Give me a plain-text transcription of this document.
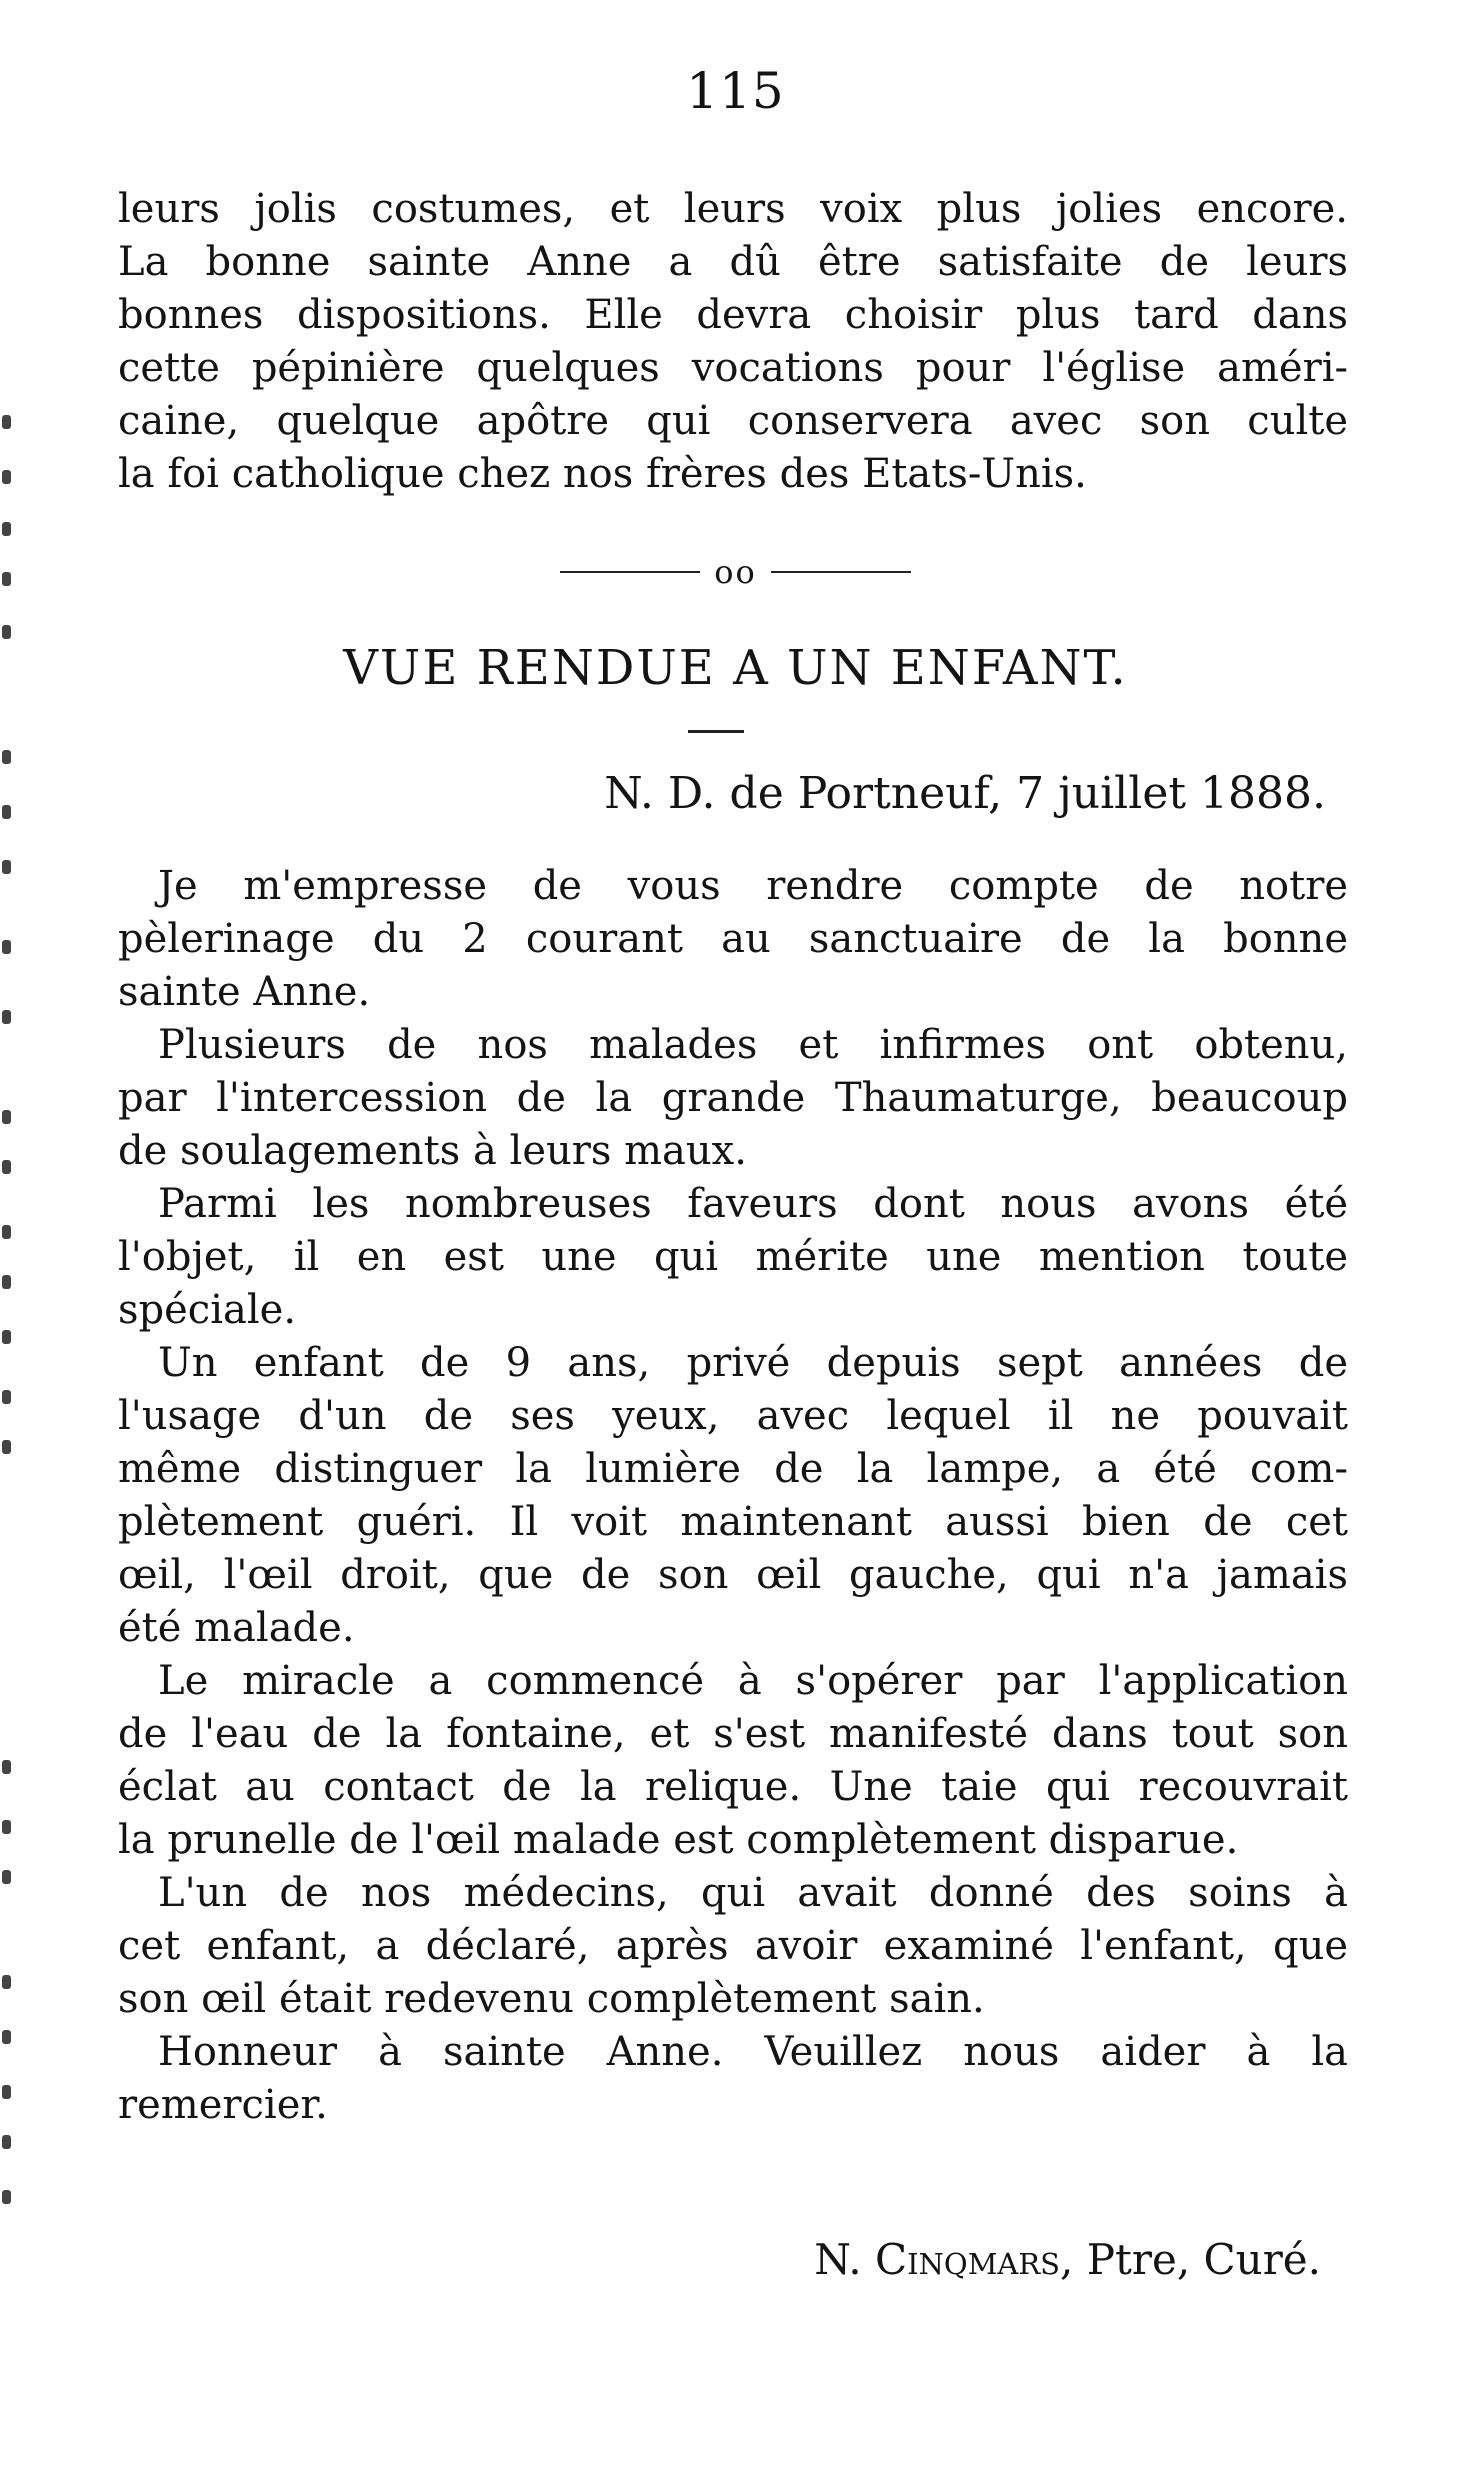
115
leurs jolis costumes, et leurs voix plus jolies encore.
La bonne sainte Anne a dû être satisfaite de leurs
bonnes dispositions. Elle devra choisir plus tard dans
cette pépinière quelques vocations pour l'église améri-
caine, quelque apôtre qui conservera avec son culte
la foi catholique chez nos frères des Etats-Unis.
oo
VUE RENDUE A UN ENFANT.
N. D. de Portneuf, 7 juillet 1888.
Je m'empresse de vous rendre compte de notre
pèlerinage du 2 courant au sanctuaire de la bonne
sainte Anne.
Plusieurs de nos malades et infirmes ont obtenu,
par l'intercession de la grande Thaumaturge, beaucoup
de soulagements à leurs maux.
Parmi les nombreuses faveurs dont nous avons été
l'objet, il en est une qui mérite une mention toute
spéciale.
Un enfant de 9 ans, privé depuis sept années de
l'usage d'un de ses yeux, avec lequel il ne pouvait
même distinguer la lumière de la lampe, a été com-
plètement guéri. Il voit maintenant aussi bien de cet
œil, l'œil droit, que de son œil gauche, qui n'a jamais
été malade.
Le miracle a commencé à s'opérer par l'application
de l'eau de la fontaine, et s'est manifesté dans tout son
éclat au contact de la relique. Une taie qui recouvrait
la prunelle de l'œil malade est complètement disparue.
L'un de nos médecins, qui avait donné des soins à
cet enfant, a déclaré, après avoir examiné l'enfant, que
son œil était redevenu complètement sain.
Honneur à sainte Anne. Veuillez nous aider à la
remercier.
N. Cinqmars, Ptre, Curé.
